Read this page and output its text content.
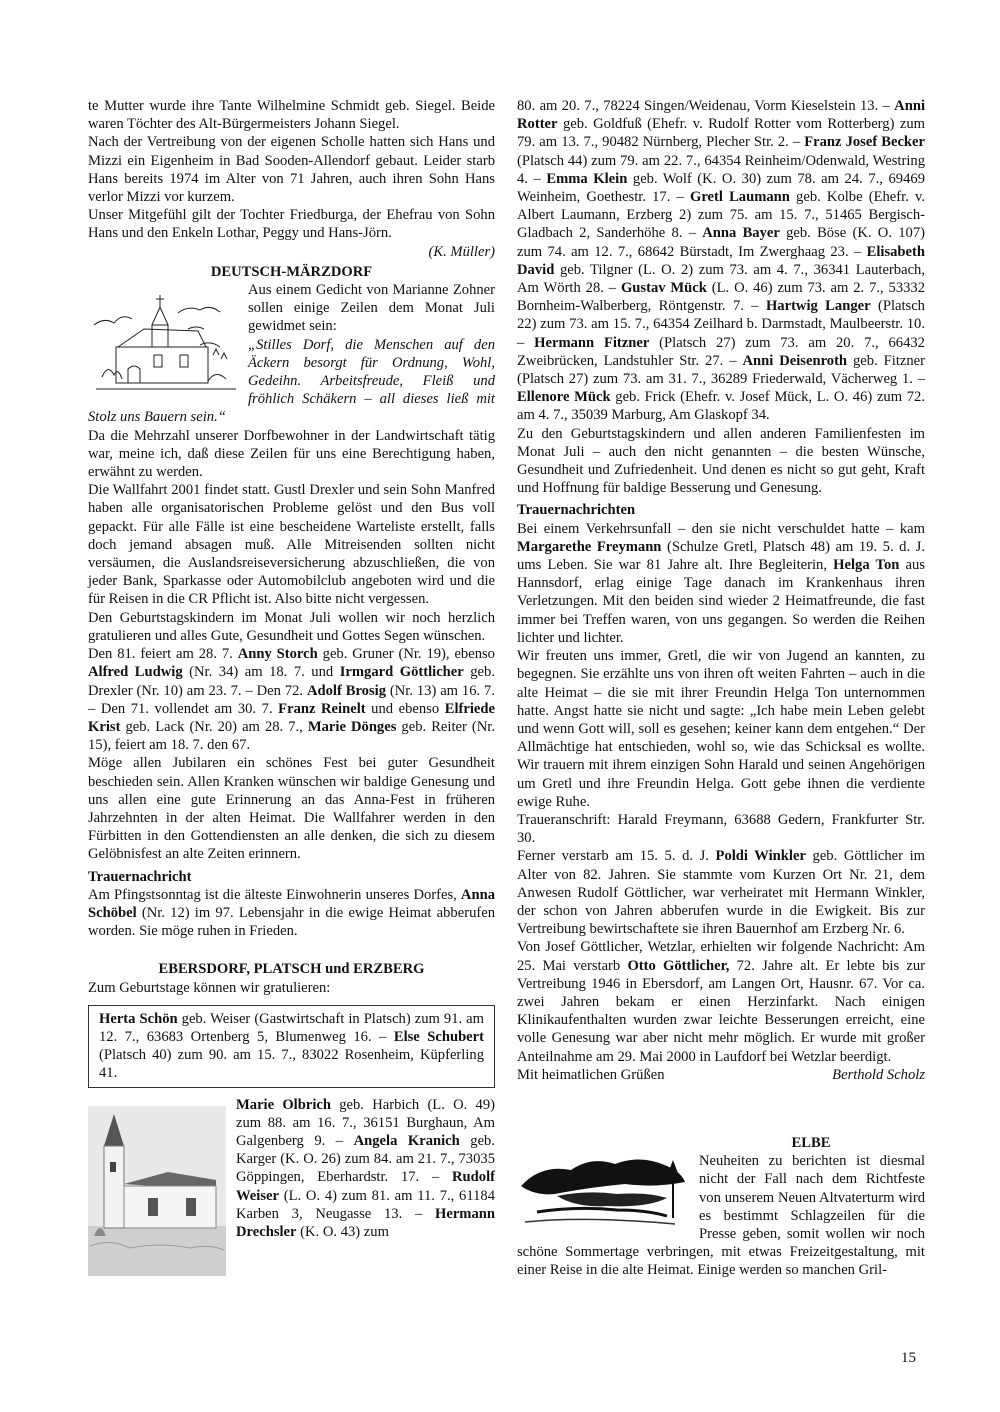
te Mutter wurde ihre Tante Wilhelmine Schmidt geb. Siegel. Beide waren Töchter des Alt-Bürgermeisters Johann Siegel.

Nach der Vertreibung von der eigenen Scholle hatten sich Hans und Mizzi ein Eigenheim in Bad Sooden-Allendorf gebaut. Leider starb Hans bereits 1974 im Alter von 71 Jahren, auch ihren Sohn Hans verlor Mizzi vor kurzem.

Unser Mitgefühl gilt der Tochter Friedburga, der Ehefrau von Sohn Hans und den Enkeln Lothar, Peggy und Hans-Jörn.

(K. Müller)

DEUTSCH-MÄRZDORF

Aus einem Gedicht von Marianne Zohner sollen einige Zeilen dem Monat Juli gewidmet sein:

„Stilles Dorf, die Menschen auf den Äckern besorgt für Ordnung, Wohl, Gedeihn. Arbeitsfreude, Fleiß und fröhlich Schäkern – all dieses ließ mit Stolz uns Bauern sein.“

Da die Mehrzahl unserer Dorfbewohner in der Landwirtschaft tätig war, meine ich, daß diese Zeilen für uns eine Berechtigung haben, erwähnt zu werden.

Die Wallfahrt 2001 findet statt. Gustl Drexler und sein Sohn Manfred haben alle organisatorischen Probleme gelöst und den Bus voll gepackt. Für alle Fälle ist eine bescheidene Warteliste erstellt, falls doch jemand absagen muß. Alle Mitreisenden sollten nicht versäumen, die Auslandsreiseversicherung abzuschließen, die von jeder Bank, Sparkasse oder Automobilclub angeboten wird und die für Reisen in die CR Pflicht ist. Also bitte nicht vergessen.

Den Geburtstagskindern im Monat Juli wollen wir noch herzlich gratulieren und alles Gute, Gesundheit und Gottes Segen wünschen.

Den 81. feiert am 28. 7. Anny Storch geb. Gruner (Nr. 19), ebenso Alfred Ludwig (Nr. 34) am 18. 7. und Irmgard Göttlicher geb. Drexler (Nr. 10) am 23. 7. – Den 72. Adolf Brosig (Nr. 13) am 16. 7. – Den 71. vollendet am 30. 7. Franz Reinelt und ebenso Elfriede Krist geb. Lack (Nr. 20) am 28. 7., Marie Dönges geb. Reiter (Nr. 15), feiert am 18. 7. den 67.

Möge allen Jubilaren ein schönes Fest bei guter Gesundheit beschieden sein. Allen Kranken wünschen wir baldige Genesung und uns allen eine gute Erinnerung an das Anna-Fest in früheren Jahrzehnten in der alten Heimat. Die Wallfahrer werden in den Fürbitten in den Gottendiensten an alle denken, die sich zu diesem Gelöbnisfest an alte Zeiten erinnern.

Trauernachricht

Am Pfingstsonntag ist die älteste Einwohnerin unseres Dorfes, Anna Schöbel (Nr. 12) im 97. Lebensjahr in die ewige Heimat abberufen worden. Sie möge ruhen in Frieden.

EBERSDORF, PLATSCH und ERZBERG

Zum Geburtstage können wir gratulieren:

Herta Schön geb. Weiser (Gastwirtschaft in Platsch) zum 91. am 12. 7., 63683 Ortenberg 5, Blumenweg 16. – Else Schubert (Platsch 40) zum 90. am 15. 7., 83022 Rosenheim, Küpferling 41.

Marie Olbrich geb. Harbich (L. O. 49) zum 88. am 16. 7., 36151 Burghaun, Am Galgenberg 9. – Angela Kranich geb. Karger (K. O. 26) zum 84. am 21. 7., 73035 Göppingen, Eberhardstr. 17. – Rudolf Weiser (L. O. 4) zum 81. am 11. 7., 61184 Karben 3, Neugasse 13. – Hermann Drechsler (K. O. 43) zum

80. am 20. 7., 78224 Singen/Weidenau, Vorm Kieselstein 13. – Anni Rotter geb. Goldfuß (Ehefr. v. Rudolf Rotter vom Rotterberg) zum 79. am 13. 7., 90482 Nürnberg, Plecher Str. 2. – Franz Josef Becker (Platsch 44) zum 79. am 22. 7., 64354 Reinheim/Odenwald, Westring 4. – Emma Klein geb. Wolf (K. O. 30) zum 78. am 24. 7., 69469 Weinheim, Goethestr. 17. – Gretl Laumann geb. Kolbe (Ehefr. v. Albert Laumann, Erzberg 2) zum 75. am 15. 7., 51465 Bergisch-Gladbach 2, Sanderhöhe 8. – Anna Bayer geb. Böse (K. O. 107) zum 74. am 12. 7., 68642 Bürstadt, Im Zwerghaag 23. – Elisabeth David geb. Tilgner (L. O. 2) zum 73. am 4. 7., 36341 Lauterbach, Am Wörth 28. – Gustav Mück (L. O. 46) zum 73. am 2. 7., 53332 Bornheim-Walberberg, Röntgenstr. 7. – Hartwig Langer (Platsch 22) zum 73. am 15. 7., 64354 Zeilhard b. Darmstadt, Maulbeerstr. 10. – Hermann Fitzner (Platsch 27) zum 73. am 20. 7., 66432 Zweibrücken, Landstuhler Str. 27. – Anni Deisenroth geb. Fitzner (Platsch 27) zum 73. am 31. 7., 36289 Friederwald, Vächerweg 1. – Ellenore Mück geb. Frick (Ehefr. v. Josef Mück, L. O. 46) zum 72. am 4. 7., 35039 Marburg, Am Glaskopf 34.

Zu den Geburtstagskindern und allen anderen Familienfesten im Monat Juli – auch den nicht genannten – die besten Wünsche, Gesundheit und Zufriedenheit. Und denen es nicht so gut geht, Kraft und Hoffnung für baldige Besserung und Genesung.

Trauernachrichten

Bei einem Verkehrsunfall – den sie nicht verschuldet hatte – kam Margarethe Freymann (Schulze Gretl, Platsch 48) am 19. 5. d. J. ums Leben. Sie war 81 Jahre alt. Ihre Begleiterin, Helga Ton aus Hannsdorf, erlag einige Tage danach im Krankenhaus ihren Verletzungen. Mit den beiden sind wieder 2 Heimatfreunde, die fast immer bei Treffen waren, von uns gegangen. So werden die Reihen lichter und lichter.

Wir freuten uns immer, Gretl, die wir von Jugend an kannten, zu begegnen. Sie erzählte uns von ihren oft weiten Fahrten – auch in die alte Heimat – die sie mit ihrer Freundin Helga Ton unternommen hatte. Angst hatte sie nicht und sagte: „Ich habe mein Leben gelebt und wenn Gott will, soll es gesehen; keiner kann dem entgehen.“ Der Allmächtige hat entschieden, wohl so, wie das Schicksal es wollte. Wir trauern mit ihrem einzigen Sohn Harald und seinen Angehörigen um Gretl und ihre Freundin Helga. Gott gebe ihnen die verdiente ewige Ruhe.

Traueranschrift: Harald Freymann, 63688 Gedern, Frankfurter Str. 30.

Ferner verstarb am 15. 5. d. J. Poldi Winkler geb. Göttlicher im Alter von 82. Jahren. Sie stammte vom Kurzen Ort Nr. 21, dem Anwesen Rudolf Göttlicher, war verheiratet mit Hermann Winkler, der schon von Jahren abberufen wurde in die Ewigkeit. Bis zur Vertreibung bewirtschaftete sie ihren Bauernhof am Erzberg Nr. 6.

Von Josef Göttlicher, Wetzlar, erhielten wir folgende Nachricht: Am 25. Mai verstarb Otto Göttlicher, 72. Jahre alt. Er lebte bis zur Vertreibung 1946 in Ebersdorf, am Langen Ort, Hausnr. 67. Vor ca. zwei Jahren bekam er einen Herzinfarkt. Nach einigen Klinikaufenthalten wurden zwar leichte Besserungen erreicht, eine volle Genesung war aber nicht mehr möglich. Er wurde mit großer Anteilnahme am 29. Mai 2000 in Laufdorf bei Wetzlar beerdigt.

Mit heimatlichen Grüßen	Berthold Scholz

ELBE

Neuheiten zu berichten ist diesmal nicht der Fall nach dem Richtfeste von unserem Neuen Altvaterturm wird es bestimmt Schlagzeilen für die Presse geben, somit wollen wir noch schöne Sommertage verbringen, mit etwas Freizeitgestaltung, mit einer Reise in die alte Heimat. Einige werden so manchen Gril-

15
